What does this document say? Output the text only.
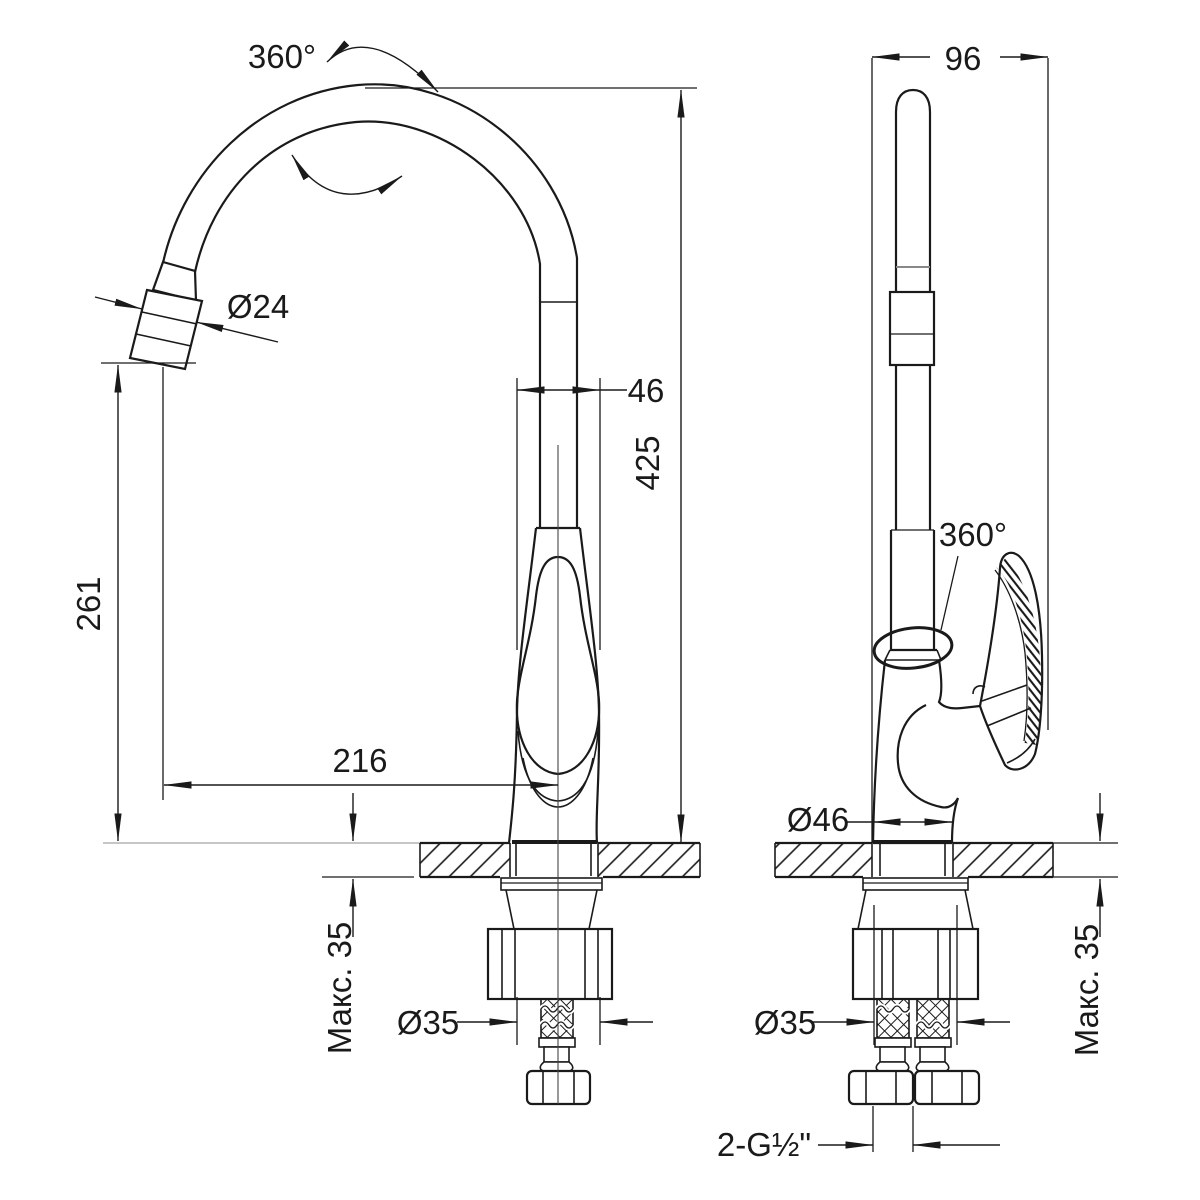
360°
Ø24
46
425
261
216
Макс. 35 Ø35
360°
96
Ø46
Макс. 35
Ø35
2-G½"
